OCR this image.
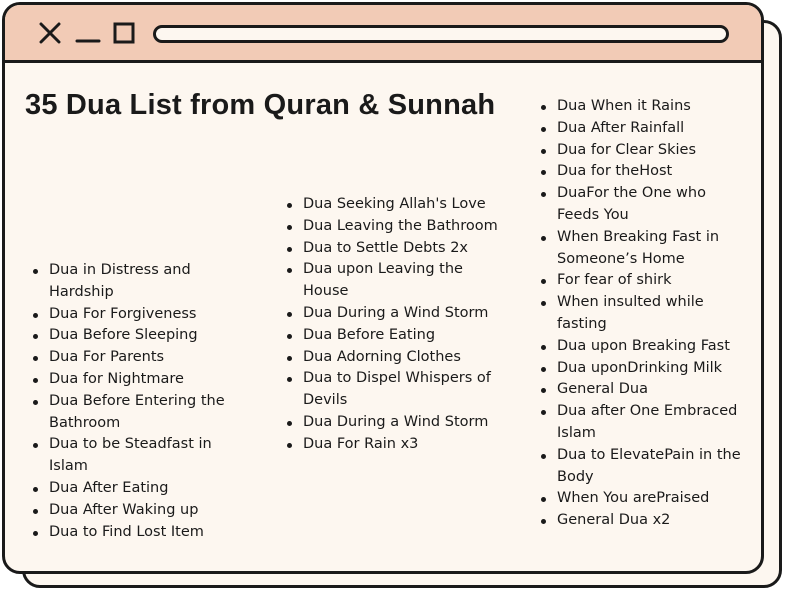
35 Dua List from Quran & Sunnah
Dua in Distress and Hardship
Dua For Forgiveness
Dua Before Sleeping
Dua For Parents
Dua for Nightmare
Dua Before Entering the Bathroom
Dua to be Steadfast in Islam
Dua After Eating
Dua After Waking up
Dua to Find Lost Item
Dua Seeking Allah's Love
Dua Leaving the Bathroom
Dua to Settle Debts 2x
Dua upon Leaving the House
Dua During a Wind Storm
Dua Before Eating
Dua Adorning Clothes
Dua to Dispel Whispers of Devils
Dua During a Wind Storm
Dua For Rain x3
Dua When it Rains
Dua After Rainfall
Dua for Clear Skies
Dua for theHost
DuaFor the One who Feeds You
When Breaking Fast in Someone’s Home
For fear of shirk
When insulted while fasting
Dua upon Breaking Fast
Dua uponDrinking Milk
General Dua
Dua after One Embraced Islam
Dua to ElevatePain in the Body
When You arePraised
General Dua x2
